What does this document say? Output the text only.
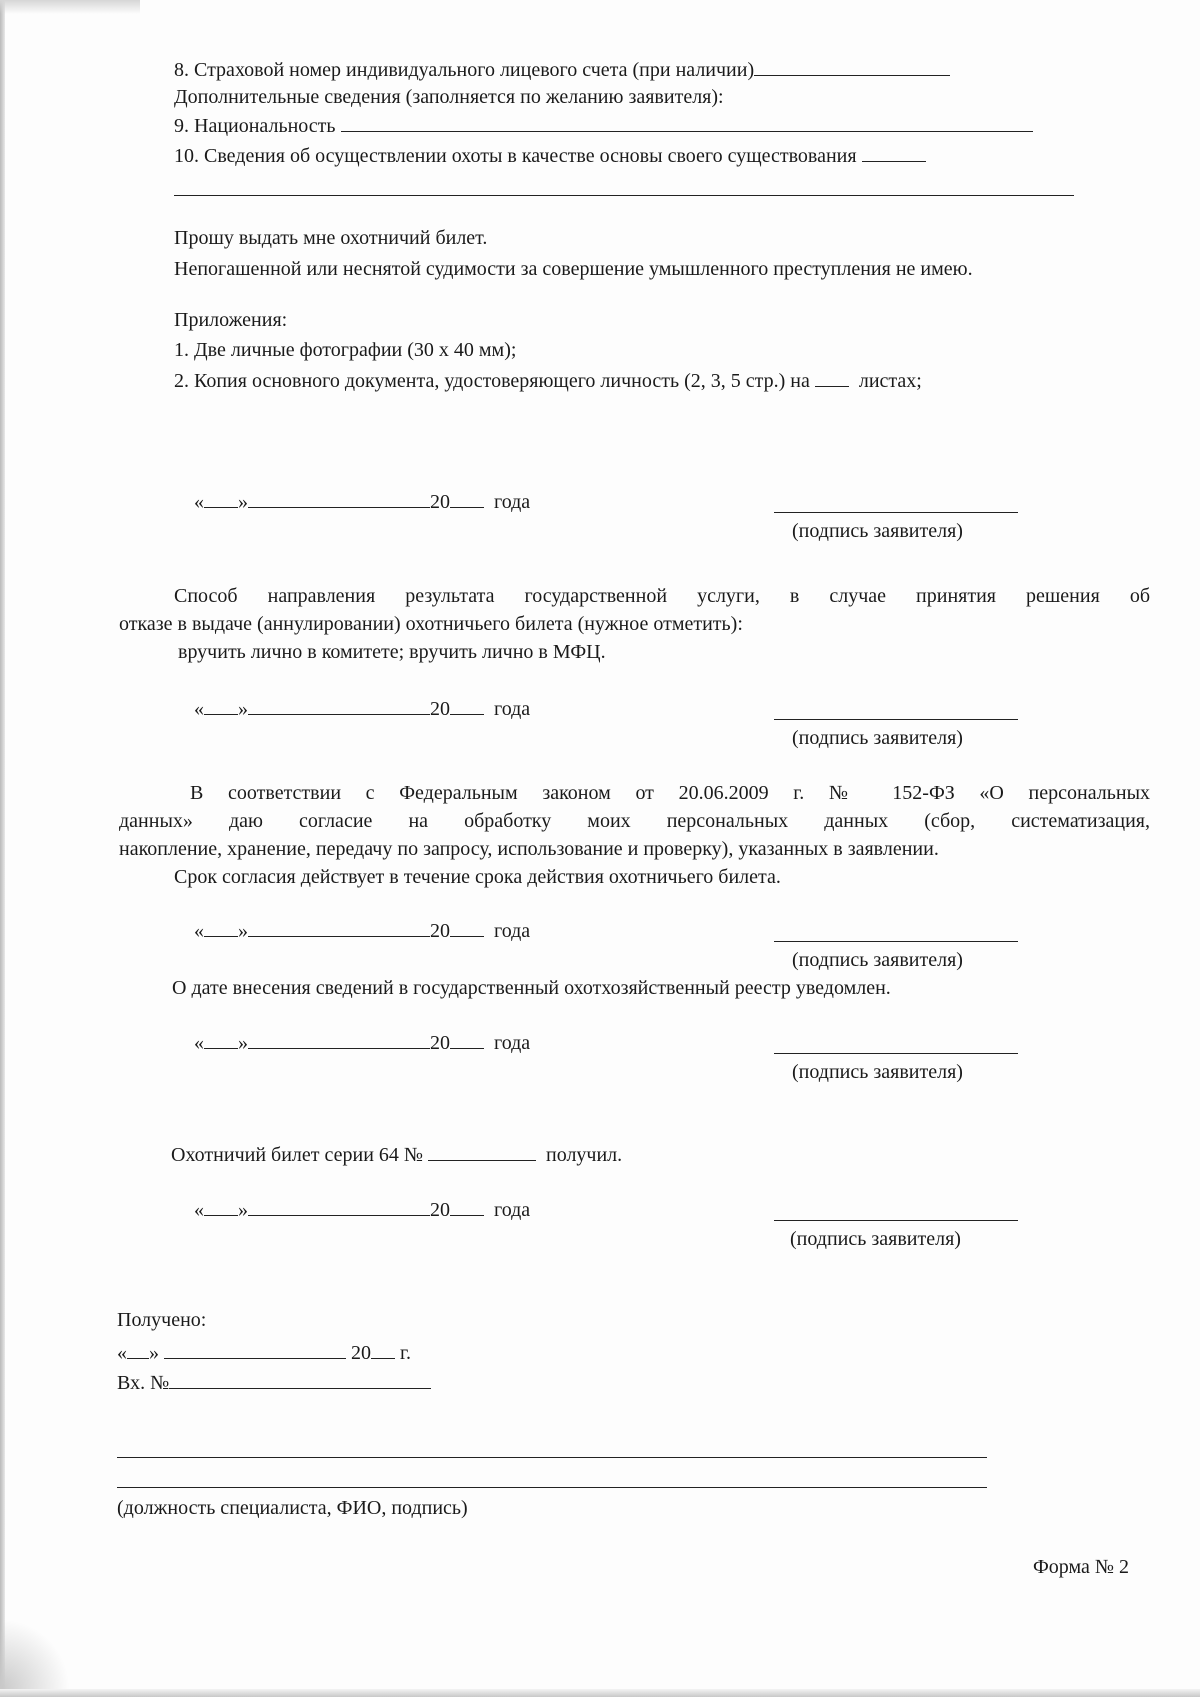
8. Страховой номер индивидуального лицевого счета (при наличии)
Дополнительные сведения (заполняется по желанию заявителя):
9. Национальность
10. Сведения об осуществлении охоты в качестве основы своего существования
Прошу выдать мне охотничий билет.
Непогашенной или неснятой судимости за совершение умышленного преступления не имею.
Приложения:
1. Две личные фотографии (30 х 40 мм);
2. Копия основного документа, удостоверяющего личность (2, 3, 5 стр.) на листах;
« »	20 года
(подпись заявителя)
Способ направления результата государственной услуги, в случае принятия решения об
отказе в выдаче (аннулировании) охотничьего билета (нужное отметить):
вручить лично в комитете; вручить лично в МФЦ.
« »	20 года
(подпись заявителя)
В соответствии с Федеральным законом от 20.06.2009 г. № 152-ФЗ «О персональных
данных» даю согласие на обработку моих персональных данных (сбор, систематизация,
накопление, хранение, передачу по запросу, использование и проверку), указанных в заявлении.
Срок согласия действует в течение срока действия охотничьего билета.
« »	20 года
(подпись заявителя)
О дате внесения сведений в государственный охотхозяйственный реестр уведомлен.
« »	20 года
(подпись заявителя)
Охотничий билет серии 64 №	получил.
« »	20 года
(подпись заявителя)
Получено:
« »	20 г.
Вх. №
(должность специалиста, ФИО, подпись)
Форма № 2
